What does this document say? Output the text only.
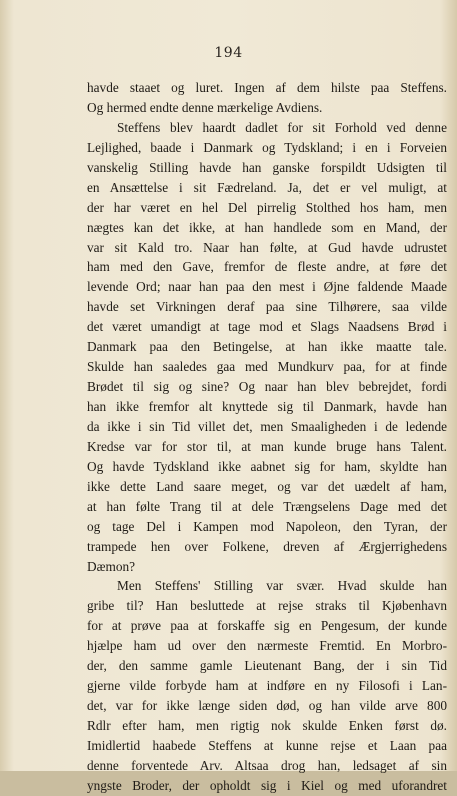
194
havde staaet og luret. Ingen af dem hilste paa Steffens.
Og hermed endte denne mærkelige Avdiens.
Steffens blev haardt dadlet for sit Forhold ved denne
Lejlighed, baade i Danmark og Tydskland; i en i Forveien
vanskelig Stilling havde han ganske forspildt Udsigten til
en Ansættelse i sit Fædreland. Ja, det er vel muligt, at
der har været en hel Del pirrelig Stolthed hos ham, men
nægtes kan det ikke, at han handlede som en Mand, der
var sit Kald tro. Naar han følte, at Gud havde udrustet
ham med den Gave, fremfor de fleste andre, at føre det
levende Ord; naar han paa den mest i Øjne faldende Maade
havde set Virkningen deraf paa sine Tilhørere, saa vilde
det været umandigt at tage mod et Slags Naadsens Brød i
Danmark paa den Betingelse, at han ikke maatte tale.
Skulde han saaledes gaa med Mundkurv paa, for at finde
Brødet til sig og sine? Og naar han blev bebrejdet, fordi
han ikke fremfor alt knyttede sig til Danmark, havde han
da ikke i sin Tid villet det, men Smaaligheden i de ledende
Kredse var for stor til, at man kunde bruge hans Talent.
Og havde Tydskland ikke aabnet sig for ham, skyldte han
ikke dette Land saare meget, og var det uædelt af ham,
at han følte Trang til at dele Trængselens Dage med det
og tage Del i Kampen mod Napoleon, den Tyran, der
trampede hen over Folkene, dreven af Ærgjerrighedens
Dæmon?
Men Steffens' Stilling var svær. Hvad skulde han
gribe til? Han besluttede at rejse straks til Kjøbenhavn
for at prøve paa at forskaffe sig en Pengesum, der kunde
hjælpe ham ud over den nærmeste Fremtid. En Morbro-
der, den samme gamle Lieutenant Bang, der i sin Tid
gjerne vilde forbyde ham at indføre en ny Filosofi i Lan-
det, var for ikke længe siden død, og han vilde arve 800
Rdlr efter ham, men rigtig nok skulde Enken først dø.
Imidlertid haabede Steffens at kunne rejse et Laan paa
denne forventede Arv. Altsaa drog han, ledsaget af sin
yngste Broder, der opholdt sig i Kiel og med uforandret
